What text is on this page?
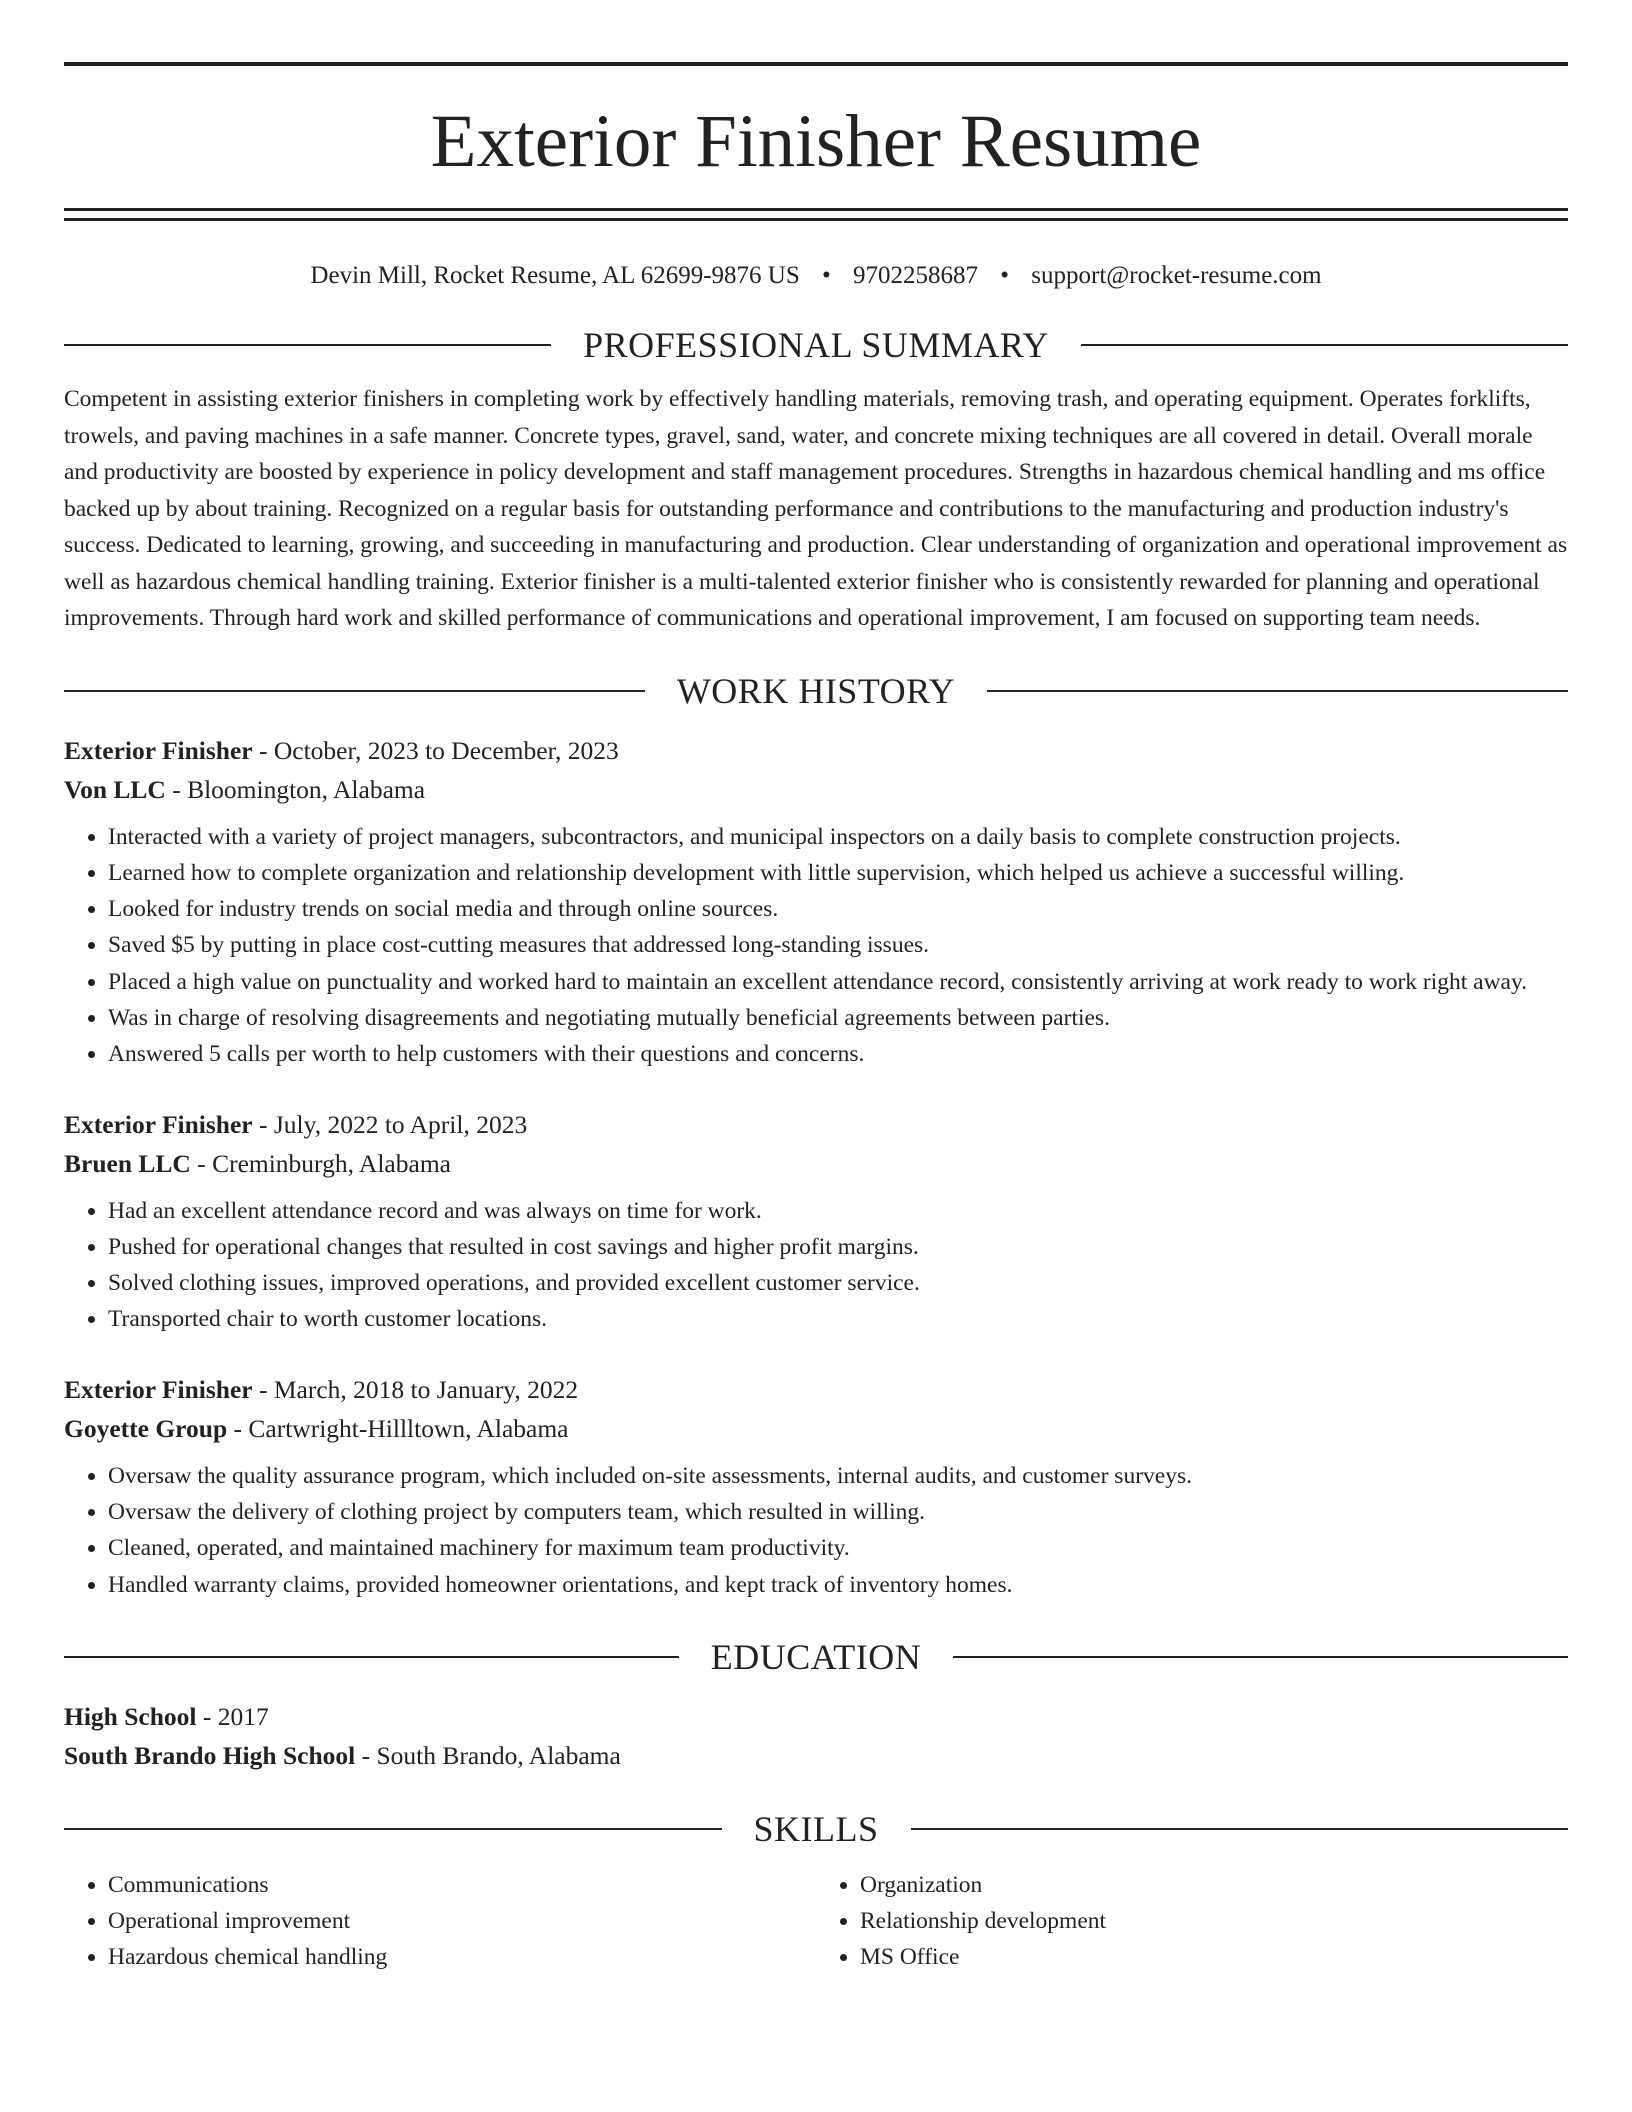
Exterior Finisher Resume
Devin Mill, Rocket Resume, AL 62699-9876 US • 9702258687 • support@rocket-resume.com
PROFESSIONAL SUMMARY
Competent in assisting exterior finishers in completing work by effectively handling materials, removing trash, and operating equipment. Operates forklifts, trowels, and paving machines in a safe manner. Concrete types, gravel, sand, water, and concrete mixing techniques are all covered in detail. Overall morale and productivity are boosted by experience in policy development and staff management procedures. Strengths in hazardous chemical handling and ms office backed up by about training. Recognized on a regular basis for outstanding performance and contributions to the manufacturing and production industry's success. Dedicated to learning, growing, and succeeding in manufacturing and production. Clear understanding of organization and operational improvement as well as hazardous chemical handling training. Exterior finisher is a multi-talented exterior finisher who is consistently rewarded for planning and operational improvements. Through hard work and skilled performance of communications and operational improvement, I am focused on supporting team needs.
WORK HISTORY
Exterior Finisher - October, 2023 to December, 2023
Von LLC - Bloomington, Alabama
• Interacted with a variety of project managers, subcontractors, and municipal inspectors on a daily basis to complete construction projects.
• Learned how to complete organization and relationship development with little supervision, which helped us achieve a successful willing.
• Looked for industry trends on social media and through online sources.
• Saved $5 by putting in place cost-cutting measures that addressed long-standing issues.
• Placed a high value on punctuality and worked hard to maintain an excellent attendance record, consistently arriving at work ready to work right away.
• Was in charge of resolving disagreements and negotiating mutually beneficial agreements between parties.
• Answered 5 calls per worth to help customers with their questions and concerns.
Exterior Finisher - July, 2022 to April, 2023
Bruen LLC - Creminburgh, Alabama
• Had an excellent attendance record and was always on time for work.
• Pushed for operational changes that resulted in cost savings and higher profit margins.
• Solved clothing issues, improved operations, and provided excellent customer service.
• Transported chair to worth customer locations.
Exterior Finisher - March, 2018 to January, 2022
Goyette Group - Cartwright-Hillltown, Alabama
• Oversaw the quality assurance program, which included on-site assessments, internal audits, and customer surveys.
• Oversaw the delivery of clothing project by computers team, which resulted in willing.
• Cleaned, operated, and maintained machinery for maximum team productivity.
• Handled warranty claims, provided homeowner orientations, and kept track of inventory homes.
EDUCATION
High School - 2017
South Brando High School - South Brando, Alabama
SKILLS
• Communications
• Operational improvement
• Hazardous chemical handling
• Organization
• Relationship development
• MS Office
